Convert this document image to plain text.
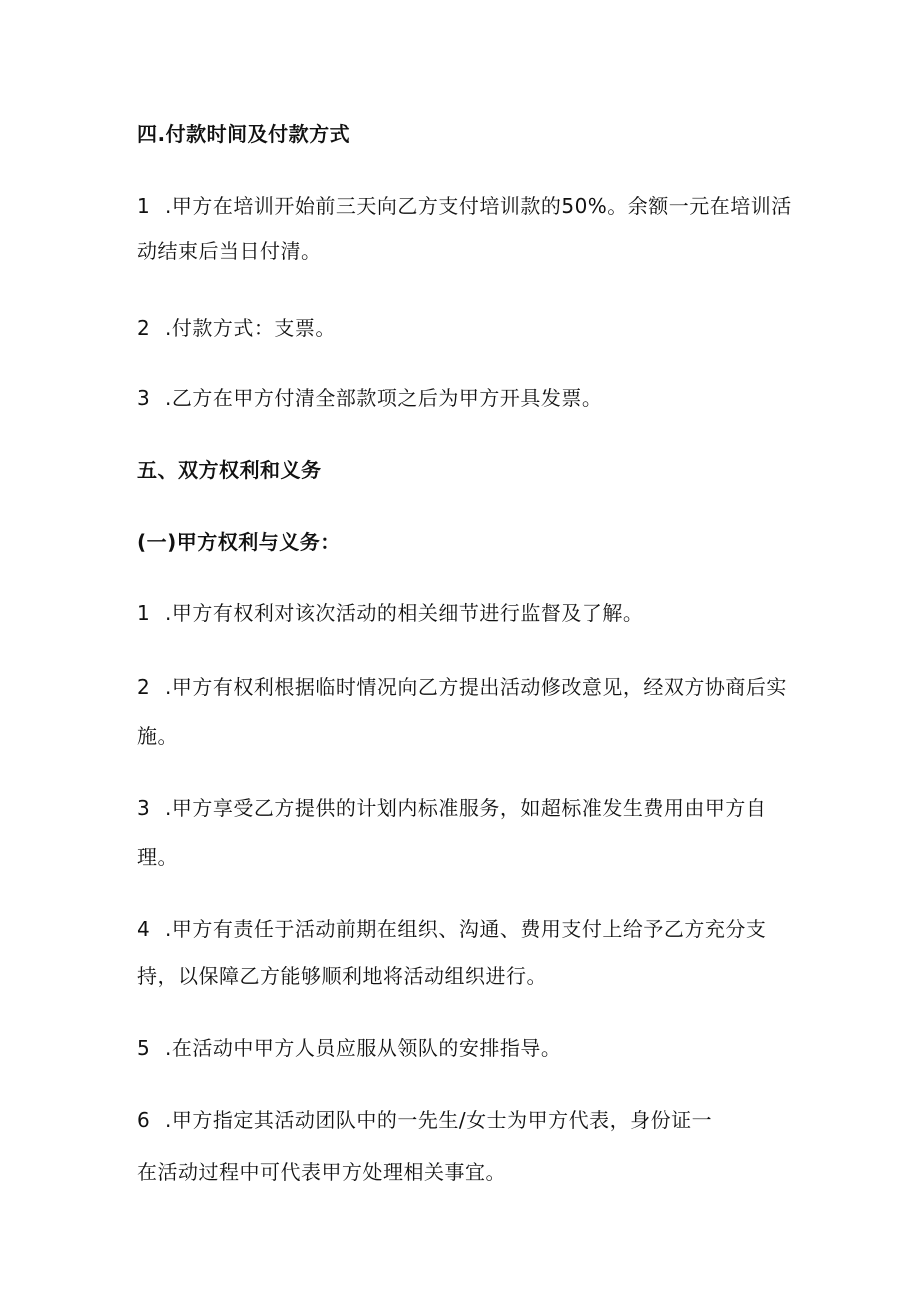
四.付款时间及付款方式
1 .甲方在培训开始前三天向乙方支付培训款的50%。余额一元在培训活
动结束后当日付清。
2 .付款方式：支票。
3 .乙方在甲方付清全部款项之后为甲方开具发票。
五、双方权利和义务
(一)甲方权利与义务：
1 .甲方有权利对该次活动的相关细节进行监督及了解。
2 .甲方有权利根据临时情况向乙方提出活动修改意见，经双方协商后实
施。
3 .甲方享受乙方提供的计划内标准服务，如超标准发生费用由甲方自
理。
4 .甲方有责任于活动前期在组织、沟通、费用支付上给予乙方充分支
持，以保障乙方能够顺利地将活动组织进行。
5 .在活动中甲方人员应服从领队的安排指导。
6 .甲方指定其活动团队中的一先生/女士为甲方代表，身份证一
在活动过程中可代表甲方处理相关事宜。
